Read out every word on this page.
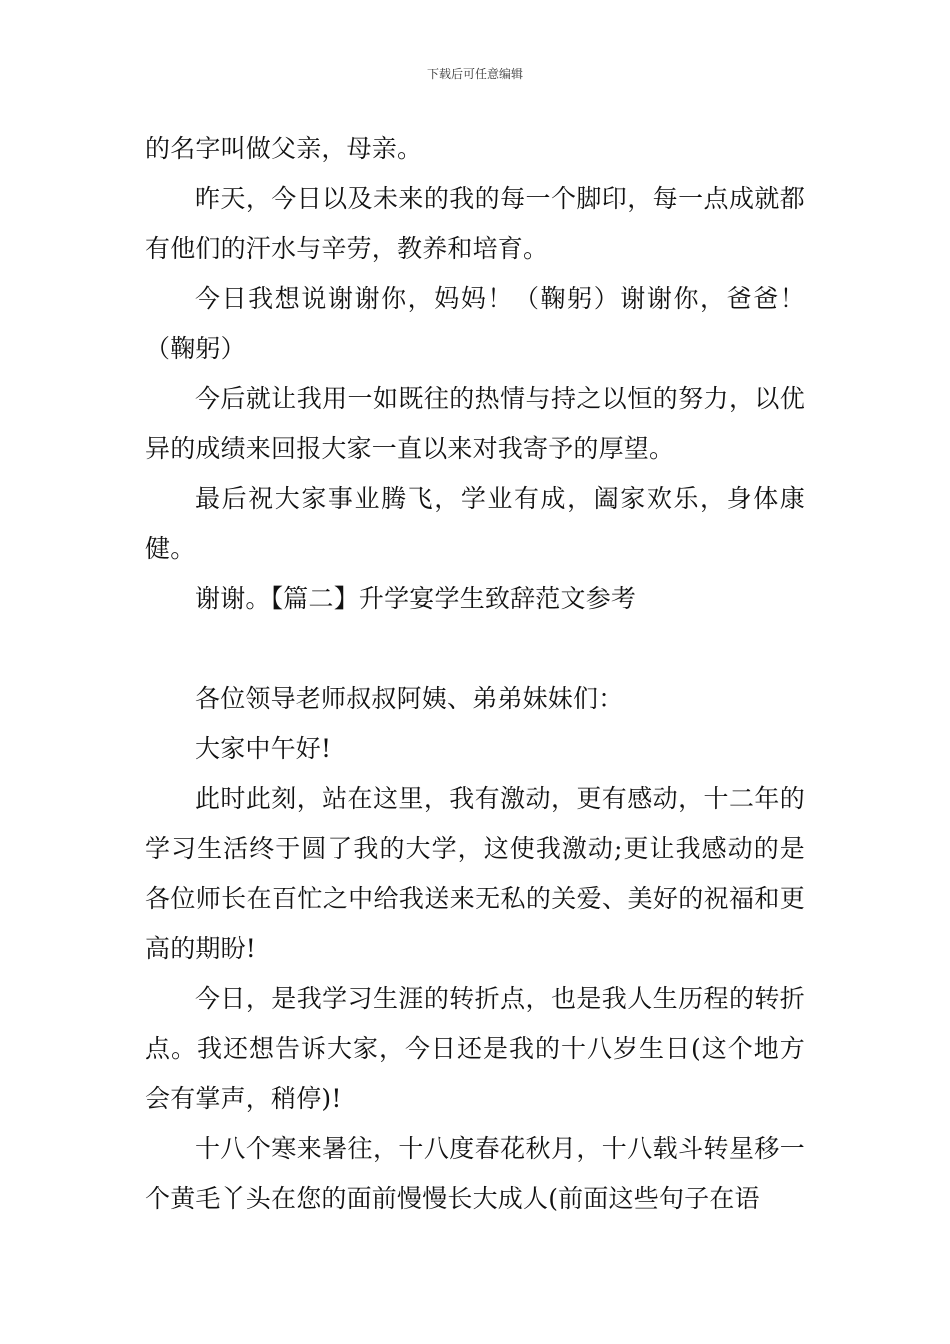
下载后可任意编辑

的名字叫做父亲，母亲。

昨天，今日以及未来的我的每一个脚印，每一点成就都有他们的汗水与辛劳，教养和培育。

今日我想说谢谢你，妈妈！（鞠躬）谢谢你，爸爸！（鞠躬）

今后就让我用一如既往的热情与持之以恒的努力，以优异的成绩来回报大家一直以来对我寄予的厚望。

最后祝大家事业腾飞，学业有成，阖家欢乐，身体康健。

谢谢。【篇二】升学宴学生致辞范文参考

各位领导老师叔叔阿姨、弟弟妹妹们：

大家中午好!

此时此刻，站在这里，我有激动，更有感动，十二年的学习生活终于圆了我的大学，这使我激动;更让我感动的是各位师长在百忙之中给我送来无私的关爱、美好的祝福和更高的期盼!

今日，是我学习生涯的转折点，也是我人生历程的转折点。我还想告诉大家，今日还是我的十八岁生日(这个地方会有掌声，稍停)!

十八个寒来暑往，十八度春花秋月，十八载斗转星移一个黄毛丫头在您的面前慢慢长大成人(前面这些句子在语
